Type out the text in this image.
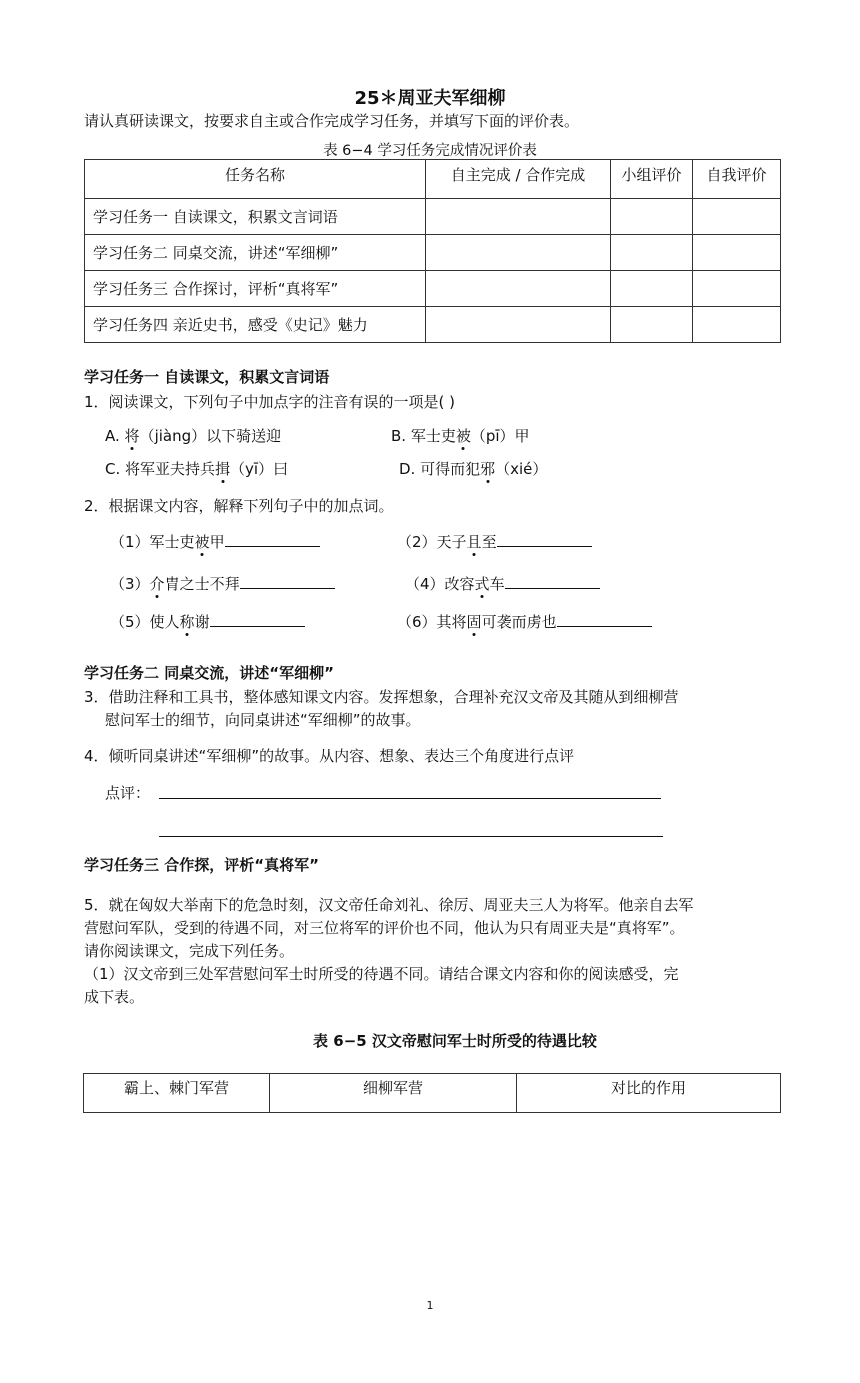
25＊周亚夫军细柳
请认真研读课文，按要求自主或合作完成学习任务，并填写下面的评价表。
表 6−4 学习任务完成情况评价表
任务名称	自主完成 / 合作完成	小组评价	自我评价
学习任务一 自读课文，积累文言词语			
学习任务二 同桌交流，讲述“军细柳”			
学习任务三 合作探讨，评析“真将军”			
学习任务四 亲近史书，感受《史记》魅力			
学习任务一 自读课文，积累文言词语
1．阅读课文，下列句子中加点字的注音有误的一项是( )
A. 将（jiàng）以下骑送迎	B. 军士吏被（pī）甲
C. 将军亚夫持兵揖（yī）曰	D. 可得而犯邪（xié）
2．根据课文内容，解释下列句子中的加点词。
（1）军士吏被甲	（2）天子且至
（3）介胄之士不拜	（4）改容式车
（5）使人称谢	（6）其将固可袭而虏也
学习任务二 同桌交流，讲述“军细柳”
3．借助注释和工具书，整体感知课文内容。发挥想象，合理补充汉文帝及其随从到细柳营
慰问军士的细节，向同桌讲述“军细柳”的故事。
4．倾听同桌讲述“军细柳”的故事。从内容、想象、表达三个角度进行点评
点评：
学习任务三 合作探，评析“真将军”
5．就在匈奴大举南下的危急时刻，汉文帝任命刘礼、徐厉、周亚夫三人为将军。他亲自去军
营慰问军队，受到的待遇不同，对三位将军的评价也不同，他认为只有周亚夫是“真将军”。
请你阅读课文，完成下列任务。
（1）汉文帝到三处军营慰问军士时所受的待遇不同。请结合课文内容和你的阅读感受，完
成下表。
表 6−5 汉文帝慰问军士时所受的待遇比较
霸上、棘门军营	细柳军营	对比的作用
1
